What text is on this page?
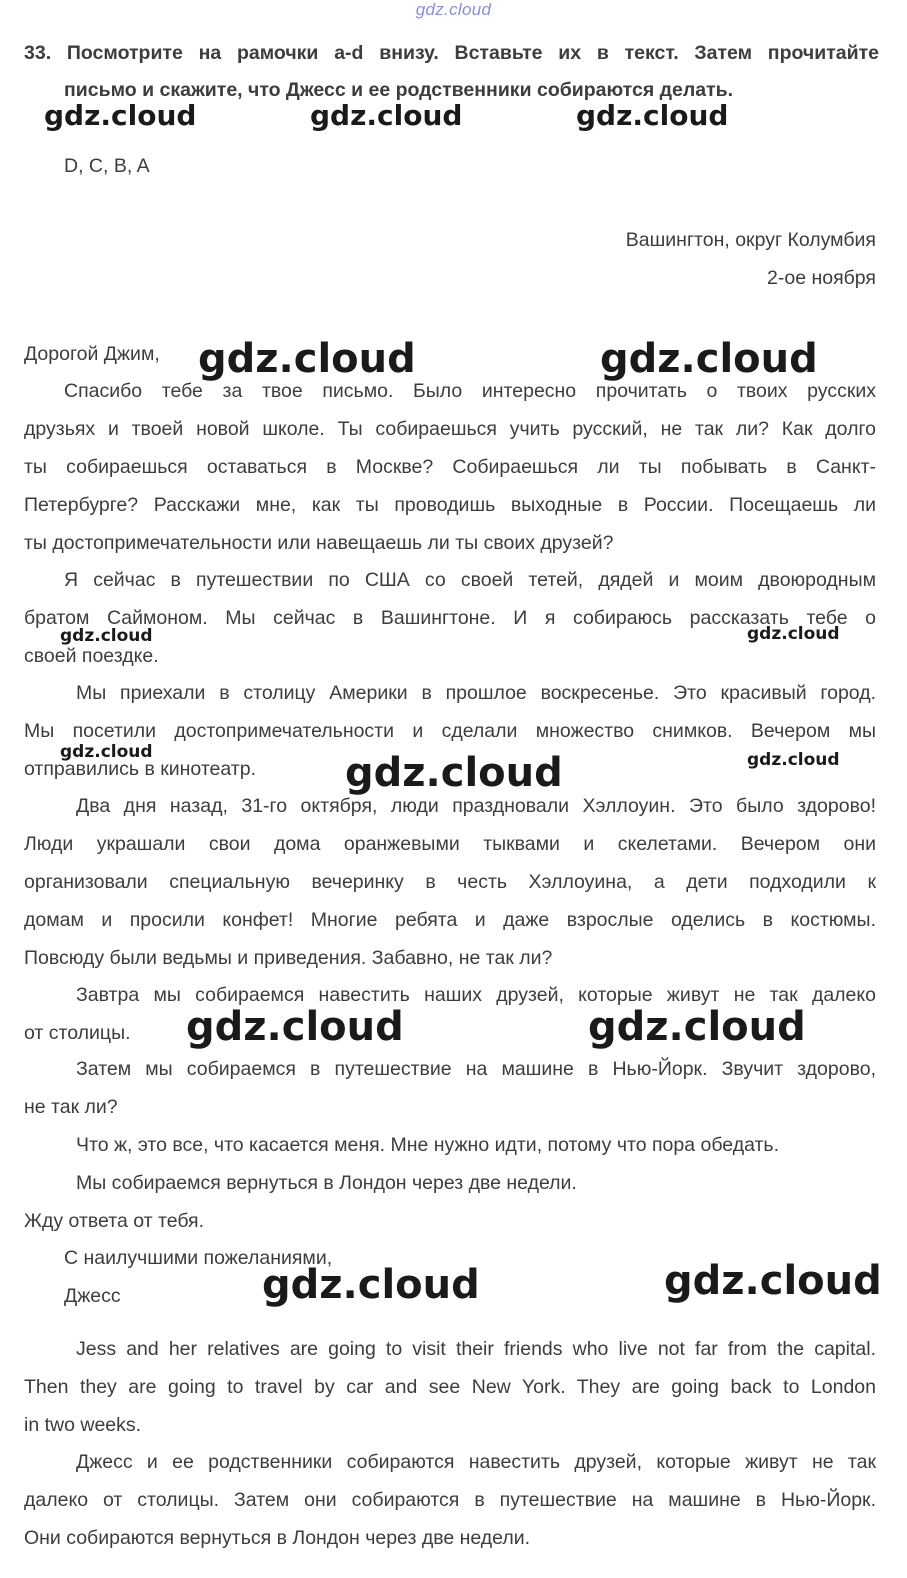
gdz.cloud
33. Посмотрите на рамочки a-d внизу. Вставьте их в текст. Затем прочитайте
письмо и скажите, что Джесс и ее родственники собираются делать.
gdz.cloud	gdz.cloud	gdz.cloud
D, C, B, A
Вашингтон, округ Колумбия
2-ое ноября
Дорогой Джим,
Спасибо тебе за твое письмо. Было интересно прочитать о твоих русских
друзьях и твоей новой школе. Ты собираешься учить русский, не так ли? Как долго
ты собираешься оставаться в Москве? Собираешься ли ты побывать в Санкт-
Петербурге? Расскажи мне, как ты проводишь выходные в России. Посещаешь ли
ты достопримечательности или навещаешь ли ты своих друзей?
Я сейчас в путешествии по США со своей тетей, дядей и моим двоюродным
братом Саймоном. Мы сейчас в Вашингтоне. И я собираюсь рассказать тебе о
своей поездке.
Мы приехали в столицу Америки в прошлое воскресенье. Это красивый город.
Мы посетили достопримечательности и сделали множество снимков. Вечером мы
отправились в кинотеатр.
Два дня назад, 31-го октября, люди праздновали Хэллоуин. Это было здорово!
Люди украшали свои дома оранжевыми тыквами и скелетами. Вечером они
организовали специальную вечеринку в честь Хэллоуина, а дети подходили к
домам и просили конфет! Многие ребята и даже взрослые оделись в костюмы.
Повсюду были ведьмы и приведения. Забавно, не так ли?
Завтра мы собираемся навестить наших друзей, которые живут не так далеко
от столицы.
Затем мы собираемся в путешествие на машине в Нью-Йорк. Звучит здорово,
не так ли?
Что ж, это все, что касается меня. Мне нужно идти, потому что пора обедать.
Мы собираемся вернуться в Лондон через две недели.
Жду ответа от тебя.
С наилучшими пожеланиями,
Джесс
Jess and her relatives are going to visit their friends who live not far from the capital.
Then they are going to travel by car and see New York. They are going back to London
in two weeks.
Джесс и ее родственники собираются навестить друзей, которые живут не так
далеко от столицы. Затем они собираются в путешествие на машине в Нью-Йорк.
Они собираются вернуться в Лондон через две недели.
gdz.cloud	gdz.cloud
gdz.cloud	gdz.cloud
gdz.cloud	gdz.cloud
gdz.cloud
gdz.cloud	gdz.cloud
gdz.cloud	gdz.cloud
